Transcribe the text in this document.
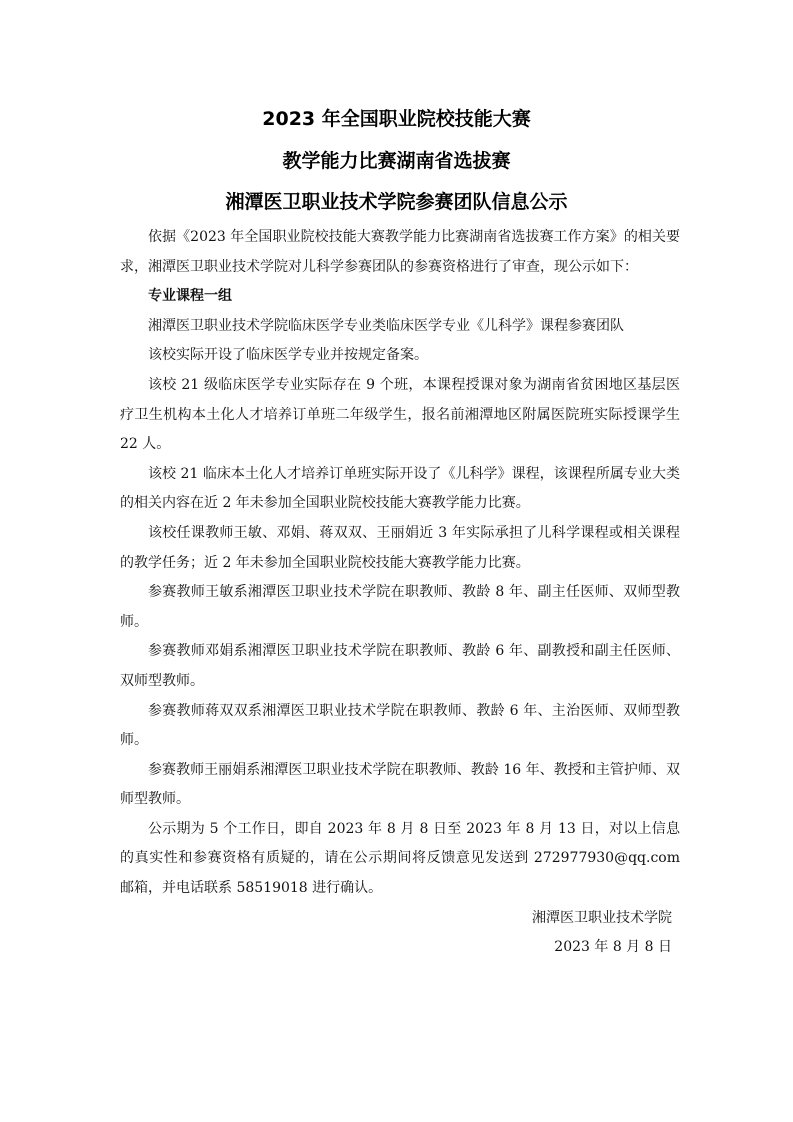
2023 年全国职业院校技能大赛
教学能力比赛湖南省选拔赛
湘潭医卫职业技术学院参赛团队信息公示

依据《2023 年全国职业院校技能大赛教学能力比赛湖南省选拔赛工作方案》的相关要求，湘潭医卫职业技术学院对儿科学参赛团队的参赛资格进行了审查，现公示如下：

专业课程一组

湘潭医卫职业技术学院临床医学专业类临床医学专业《儿科学》课程参赛团队

该校实际开设了临床医学专业并按规定备案。

该校 21 级临床医学专业实际存在 9 个班，本课程授课对象为湖南省贫困地区基层医疗卫生机构本土化人才培养订单班二年级学生，报名前湘潭地区附属医院班实际授课学生 22 人。

该校 21 临床本土化人才培养订单班实际开设了《儿科学》课程，该课程所属专业大类的相关内容在近 2 年未参加全国职业院校技能大赛教学能力比赛。

该校任课教师王敏、邓娟、蒋双双、王丽娟近 3 年实际承担了儿科学课程或相关课程的教学任务；近 2 年未参加全国职业院校技能大赛教学能力比赛。

参赛教师王敏系湘潭医卫职业技术学院在职教师、教龄 8 年、副主任医师、双师型教师。

参赛教师邓娟系湘潭医卫职业技术学院在职教师、教龄 6 年、副教授和副主任医师、双师型教师。

参赛教师蒋双双系湘潭医卫职业技术学院在职教师、教龄 6 年、主治医师、双师型教师。

参赛教师王丽娟系湘潭医卫职业技术学院在职教师、教龄 16 年、教授和主管护师、双师型教师。

公示期为 5 个工作日，即自 2023 年 8 月 8 日至 2023 年 8 月 13 日，对以上信息的真实性和参赛资格有质疑的，请在公示期间将反馈意见发送到 272977930@qq.com 邮箱，并电话联系 58519018 进行确认。

湘潭医卫职业技术学院

2023 年 8 月 8 日
